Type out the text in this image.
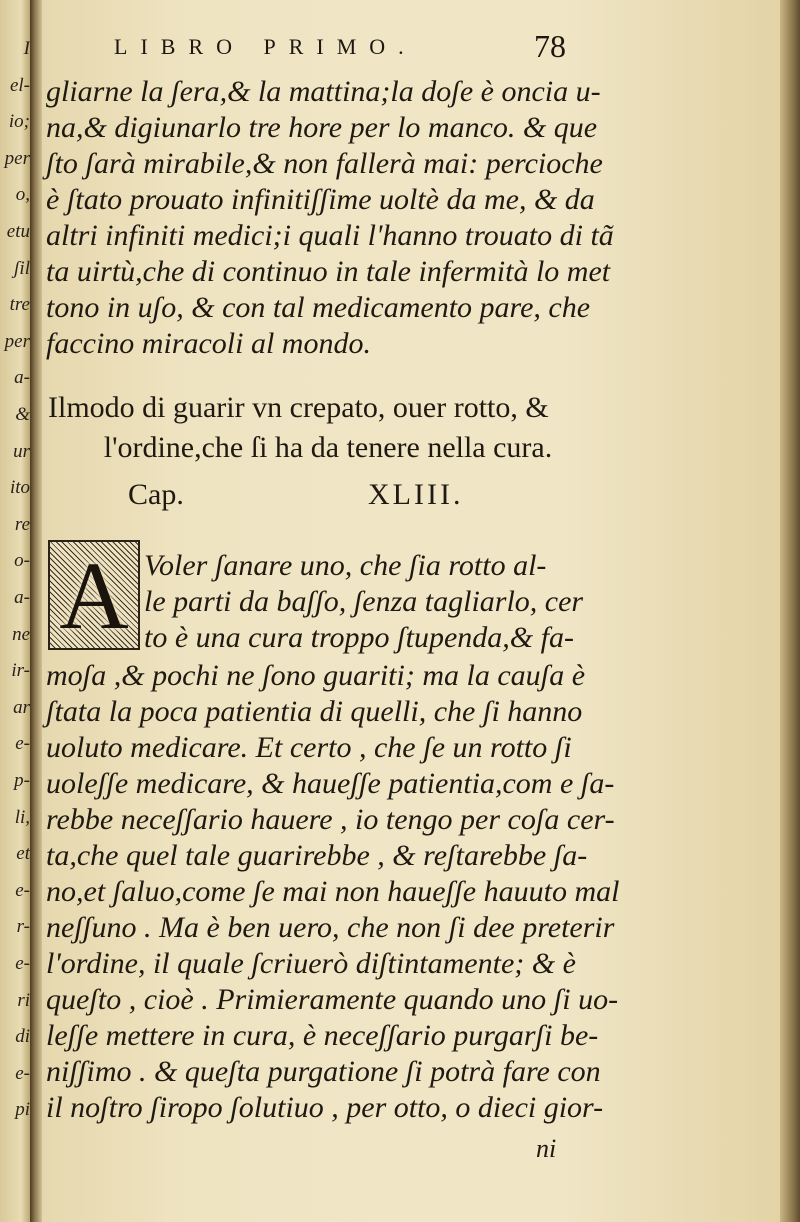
I
el-
io;
per
o,
etu
ʃil
tre
per
a-
&
ur
ito
re
o-
a-
ne
ir-
ar
e-
p-
li,
et
e-
r-
e-
ri
di
e-
pi
LIBRO PRIMO.	78
gliarne la ʃera,& la mattina;la doʃe è oncia u-
na,& digiunarlo tre hore per lo manco. & que
ʃto ʃarà mirabile,& non fallerà mai: percioche
è ʃtato prouato infinitiʃʃime uoltè da me, & da
altri infiniti medici;i quali l'hanno trouato di tã
ta uirtù,che di continuo in tale infermità lo met
tono in uʃo, & con tal medicamento pare, che
faccino miracoli al mondo.
Ilmodo di guarir vn crepato, ouer rotto, &
l'ordine,che ſi ha da tenere nella cura.
Cap.	XLIII.
A Voler ʃanare uno, che ʃia rotto al-
le parti da baʃʃo, ʃenza tagliarlo, cer
to è una cura troppo ʃtupenda,& fa-
moʃa ,& pochi ne ʃono guariti; ma la cauʃa è
ʃtata la poca patientia di quelli, che ʃi hanno
uoluto medicare. Et certo , che ʃe un rotto ʃi
uoleʃʃe medicare, & haueʃʃe patientia,com e ʃa-
rebbe neceʃʃario hauere , io tengo per coʃa cer-
ta,che quel tale guarirebbe , & reʃtarebbe ʃa-
no,et ʃaluo,come ʃe mai non haueʃʃe hauuto mal
neʃʃuno . Ma è ben uero, che non ʃi dee preterir
l'ordine, il quale ʃcriuerò diʃtintamente; & è
queʃto , cioè . Primieramente quando uno ʃi uo-
leʃʃe mettere in cura, è neceʃʃario purgarʃi be-
niʃʃimo . & queʃta purgatione ʃi potrà fare con
il noʃtro ʃiropo ʃolutiuo , per otto, o dieci gior-
ni
